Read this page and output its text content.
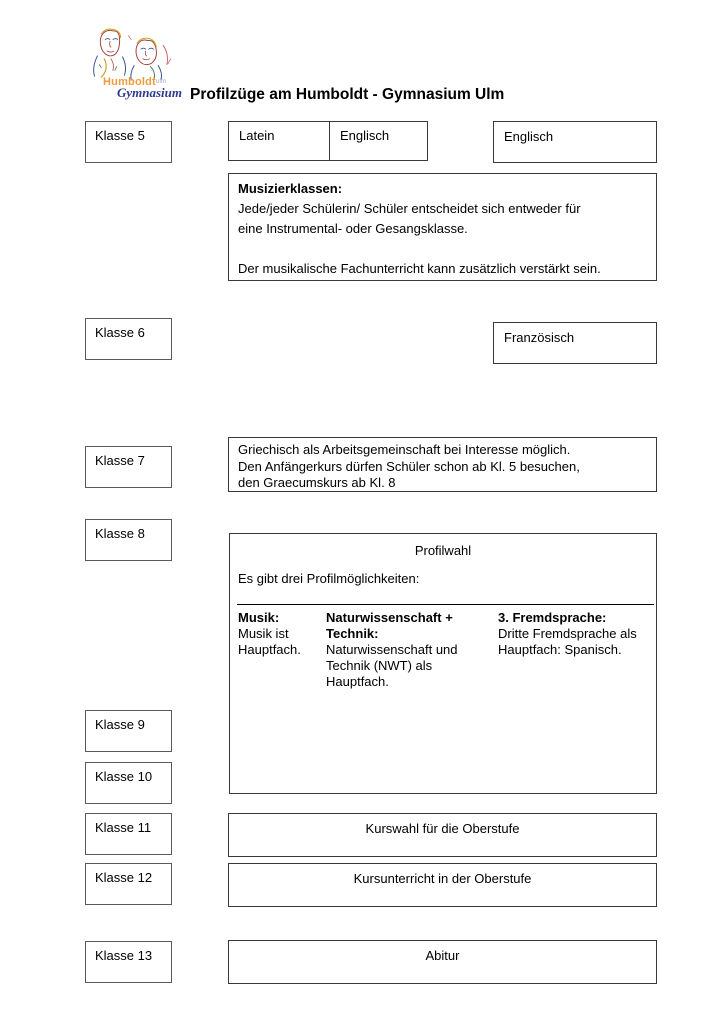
Humboldtulm
Gymnasium Profilzüge am Humboldt - Gymnasium Ulm
Klasse 5
Klasse 6
Klasse 7
Klasse 8
Klasse 9
Klasse 10
Klasse 11
Klasse 12
Klasse 13
Latein	Englisch	Englisch
Musizierklassen:
Jede/jeder Schülerin/ Schüler entscheidet sich entweder für
eine Instrumental- oder Gesangsklasse.
Der musikalische Fachunterricht kann zusätzlich verstärkt sein.
Französisch
Griechisch als Arbeitsgemeinschaft bei Interesse möglich.
Den Anfängerkurs dürfen Schüler schon ab Kl. 5 besuchen,
den Graecumskurs ab Kl. 8
Profilwahl
Es gibt drei Profilmöglichkeiten:
Musik:
Musik ist Hauptfach.
Naturwissenschaft + Technik:
Naturwissenschaft und Technik (NWT) als Hauptfach.
3. Fremdsprache:
Dritte Fremdsprache als Hauptfach: Spanisch.
Kurswahl für die Oberstufe
Kursunterricht in der Oberstufe
Abitur
